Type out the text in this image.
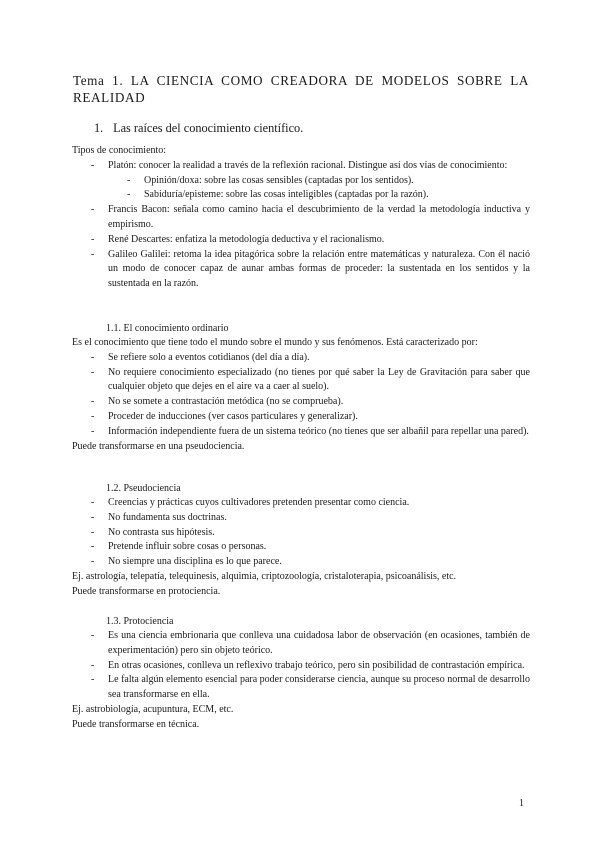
Tema 1. LA CIENCIA COMO CREADORA DE MODELOS SOBRE LA REALIDAD
1. Las raíces del conocimiento científico.

Tipos de conocimiento:

- Platón: conocer la realidad a través de la reflexión racional. Distingue así dos vías de conocimiento:
- Opinión/doxa: sobre las cosas sensibles (captadas por los sentidos).
- Sabiduría/episteme: sobre las cosas inteligibles (captadas por la razón).
- Francis Bacon: señala como camino hacia el descubrimiento de la verdad la metodología inductiva y empirismo.
- René Descartes: enfatiza la metodología deductiva y el racionalismo.
- Galileo Galilei: retoma la idea pitagórica sobre la relación entre matemáticas y naturaleza. Con él nació un modo de conocer capaz de aunar ambas formas de proceder: la sustentada en los sentidos y la sustentada en la razón.

1.1. El conocimiento ordinario

Es el conocimiento que tiene todo el mundo sobre el mundo y sus fenómenos. Está caracterizado por:

- Se refiere solo a eventos cotidianos (del día a día).
- No requiere conocimiento especializado (no tienes por qué saber la Ley de Gravitación para saber que cualquier objeto que dejes en el aire va a caer al suelo).
- No se somete a contrastación metódica (no se comprueba).
- Proceder de inducciones (ver casos particulares y generalizar).
- Información independiente fuera de un sistema teórico (no tienes que ser albañil para repellar una pared).

Puede transformarse en una pseudociencia.

1.2. Pseudociencia

- Creencias y prácticas cuyos cultivadores pretenden presentar como ciencia.
- No fundamenta sus doctrinas.
- No contrasta sus hipótesis.
- Pretende influir sobre cosas o personas.
- No siempre una disciplina es lo que parece.

Ej. astrología, telepatía, telequinesis, alquimia, criptozoología, cristaloterapia, psicoanálisis, etc.

Puede transformarse en protociencia.

1.3. Protociencia

- Es una ciencia embrionaria que conlleva una cuidadosa labor de observación (en ocasiones, también de experimentación) pero sin objeto teórico.
- En otras ocasiones, conlleva un reflexivo trabajo teórico, pero sin posibilidad de contrastación empírica.
- Le falta algún elemento esencial para poder considerarse ciencia, aunque su proceso normal de desarrollo sea transformarse en ella.

Ej. astrobiología, acupuntura, ECM, etc.

Puede transformarse en técnica.

1
